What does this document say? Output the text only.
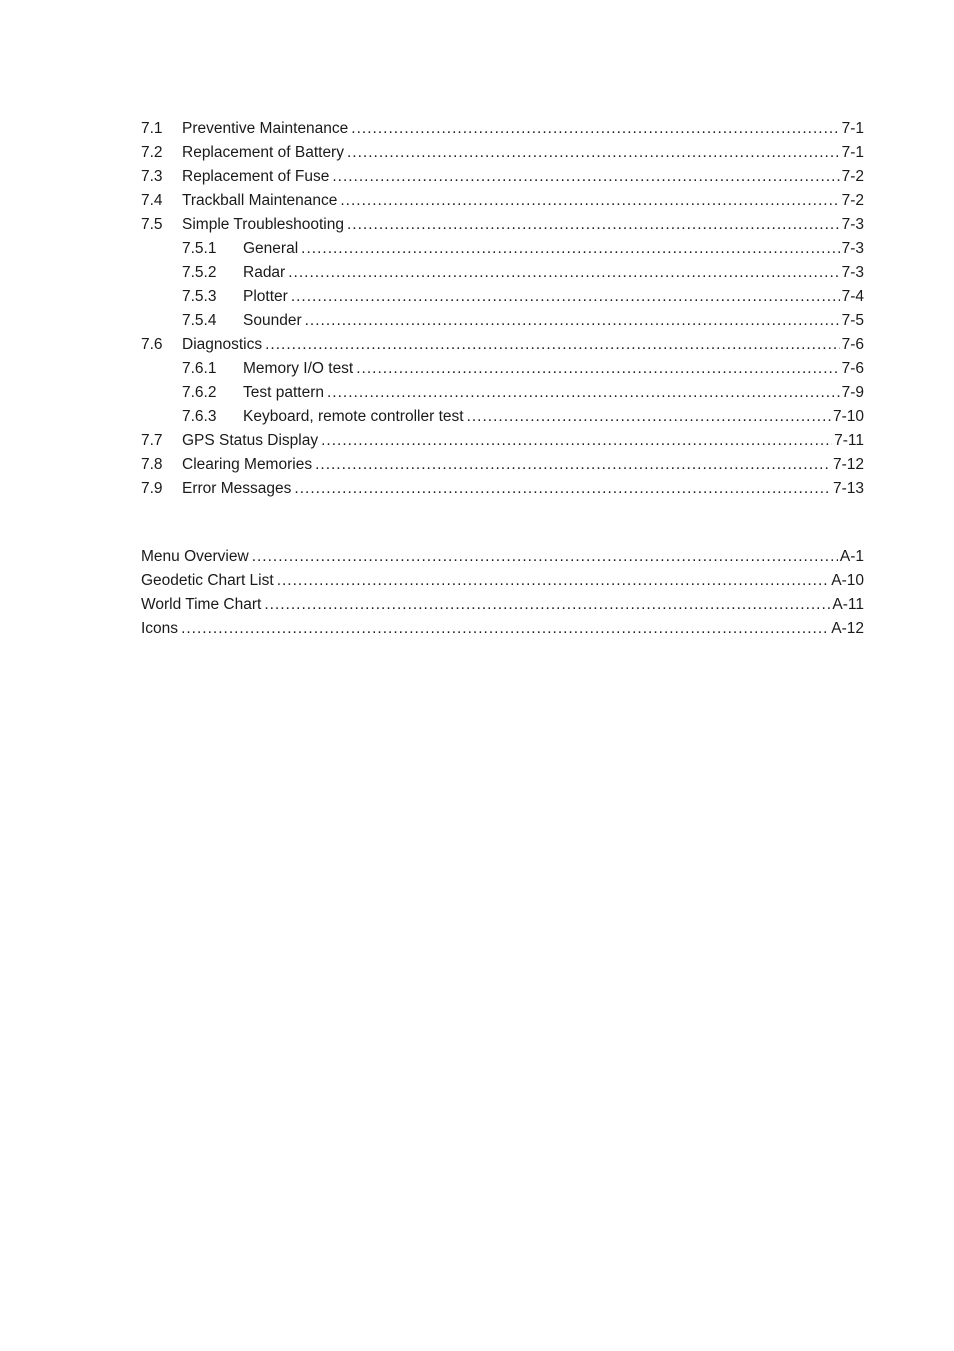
7.1	Preventive Maintenance .....	7-1
7.2	Replacement of Battery .....	7-1
7.3	Replacement of Fuse .....	7-2
7.4	Trackball Maintenance .....	7-2
7.5	Simple Troubleshooting .....	7-3
7.5.1	General .....	7-3
7.5.2	Radar .....	7-3
7.5.3	Plotter .....	7-4
7.5.4	Sounder .....	7-5
7.6	Diagnostics .....	7-6
7.6.1	Memory I/O test .....	7-6
7.6.2	Test pattern .....	7-9
7.6.3	Keyboard, remote controller test .....	7-10
7.7	GPS Status Display .....	7-11
7.8	Clearing Memories .....	7-12
7.9	Error Messages .....	7-13
Menu Overview .....	A-1
Geodetic Chart List .....	A-10
World Time Chart .....	A-11
Icons .....	A-12
